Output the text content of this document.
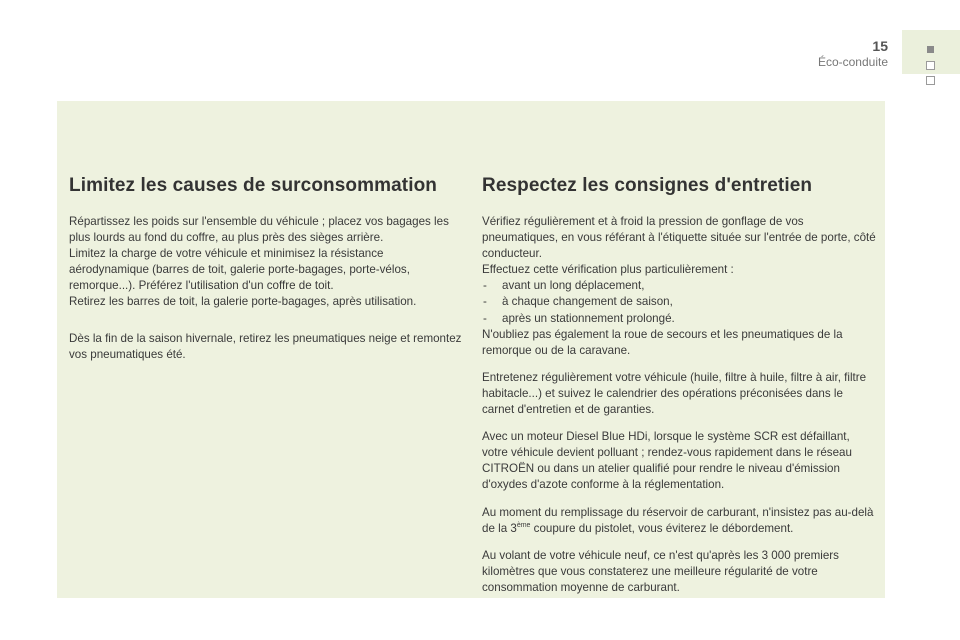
15
Éco-conduite
Limitez les causes de surconsommation

Répartissez les poids sur l'ensemble du véhicule ; placez vos bagages les plus lourds au fond du coffre, au plus près des sièges arrière.
Limitez la charge de votre véhicule et minimisez la résistance aérodynamique (barres de toit, galerie porte-bagages, porte-vélos, remorque...). Préférez l'utilisation d'un coffre de toit.
Retirez les barres de toit, la galerie porte-bagages, après utilisation.

Dès la fin de la saison hivernale, retirez les pneumatiques neige et remontez vos pneumatiques été.

Respectez les consignes d'entretien
Vérifiez régulièrement et à froid la pression de gonflage de vos pneumatiques, en vous référant à l'étiquette située sur l'entrée de porte, côté conducteur.
Effectuez cette vérification plus particulièrement :
- avant un long déplacement,
- à chaque changement de saison,
- après un stationnement prolongé.
N'oubliez pas également la roue de secours et les pneumatiques de la remorque ou de la caravane.

Entretenez régulièrement votre véhicule (huile, filtre à huile, filtre à air, filtre habitacle...) et suivez le calendrier des opérations préconisées dans le carnet d'entretien et de garanties.

Avec un moteur Diesel Blue HDi, lorsque le système SCR est défaillant, votre véhicule devient polluant ; rendez-vous rapidement dans le réseau CITROËN ou dans un atelier qualifié pour rendre le niveau d'émission d'oxydes d'azote conforme à la réglementation.

Au moment du remplissage du réservoir de carburant, n'insistez pas au-delà de la 3ème coupure du pistolet, vous éviterez le débordement.

Au volant de votre véhicule neuf, ce n'est qu'après les 3 000 premiers kilomètres que vous constaterez une meilleure régularité de votre consommation moyenne de carburant.
